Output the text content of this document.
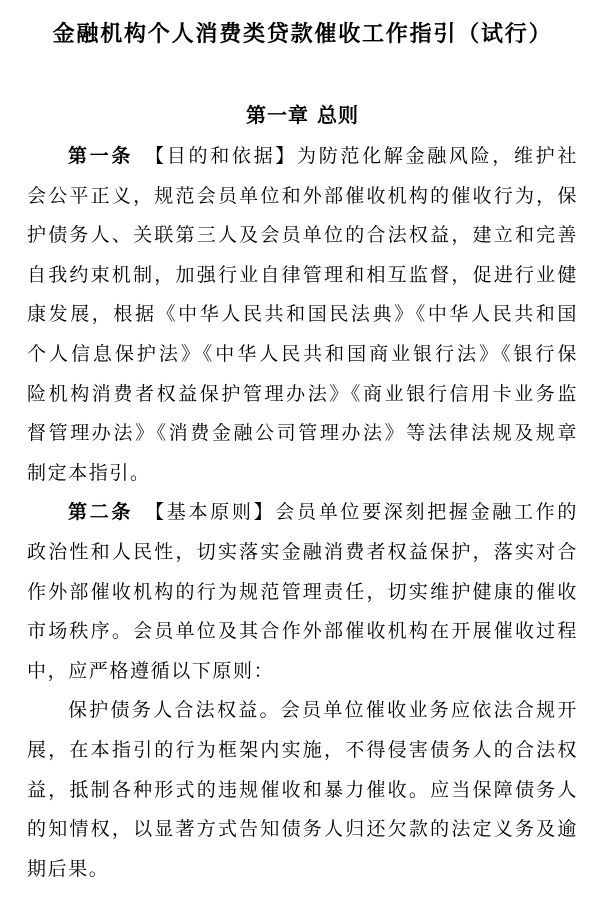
金融机构个人消费类贷款催收工作指引（试行）
第一章 总则
第一条 【目的和依据】为防范化解金融风险，维护社
会公平正义，规范会员单位和外部催收机构的催收行为，保
护债务人、关联第三人及会员单位的合法权益，建立和完善
自我约束机制，加强行业自律管理和相互监督，促进行业健
康发展，根据《中华人民共和国民法典》《中华人民共和国
个人信息保护法》《中华人民共和国商业银行法》《银行保
险机构消费者权益保护管理办法》《商业银行信用卡业务监
督管理办法》《消费金融公司管理办法》等法律法规及规章
制定本指引。
第二条 【基本原则】会员单位要深刻把握金融工作的
政治性和人民性，切实落实金融消费者权益保护，落实对合
作外部催收机构的行为规范管理责任，切实维护健康的催收
市场秩序。会员单位及其合作外部催收机构在开展催收过程
中，应严格遵循以下原则：
保护债务人合法权益。会员单位催收业务应依法合规开
展，在本指引的行为框架内实施，不得侵害债务人的合法权
益，抵制各种形式的违规催收和暴力催收。应当保障债务人
的知情权，以显著方式告知债务人归还欠款的法定义务及逾
期后果。
